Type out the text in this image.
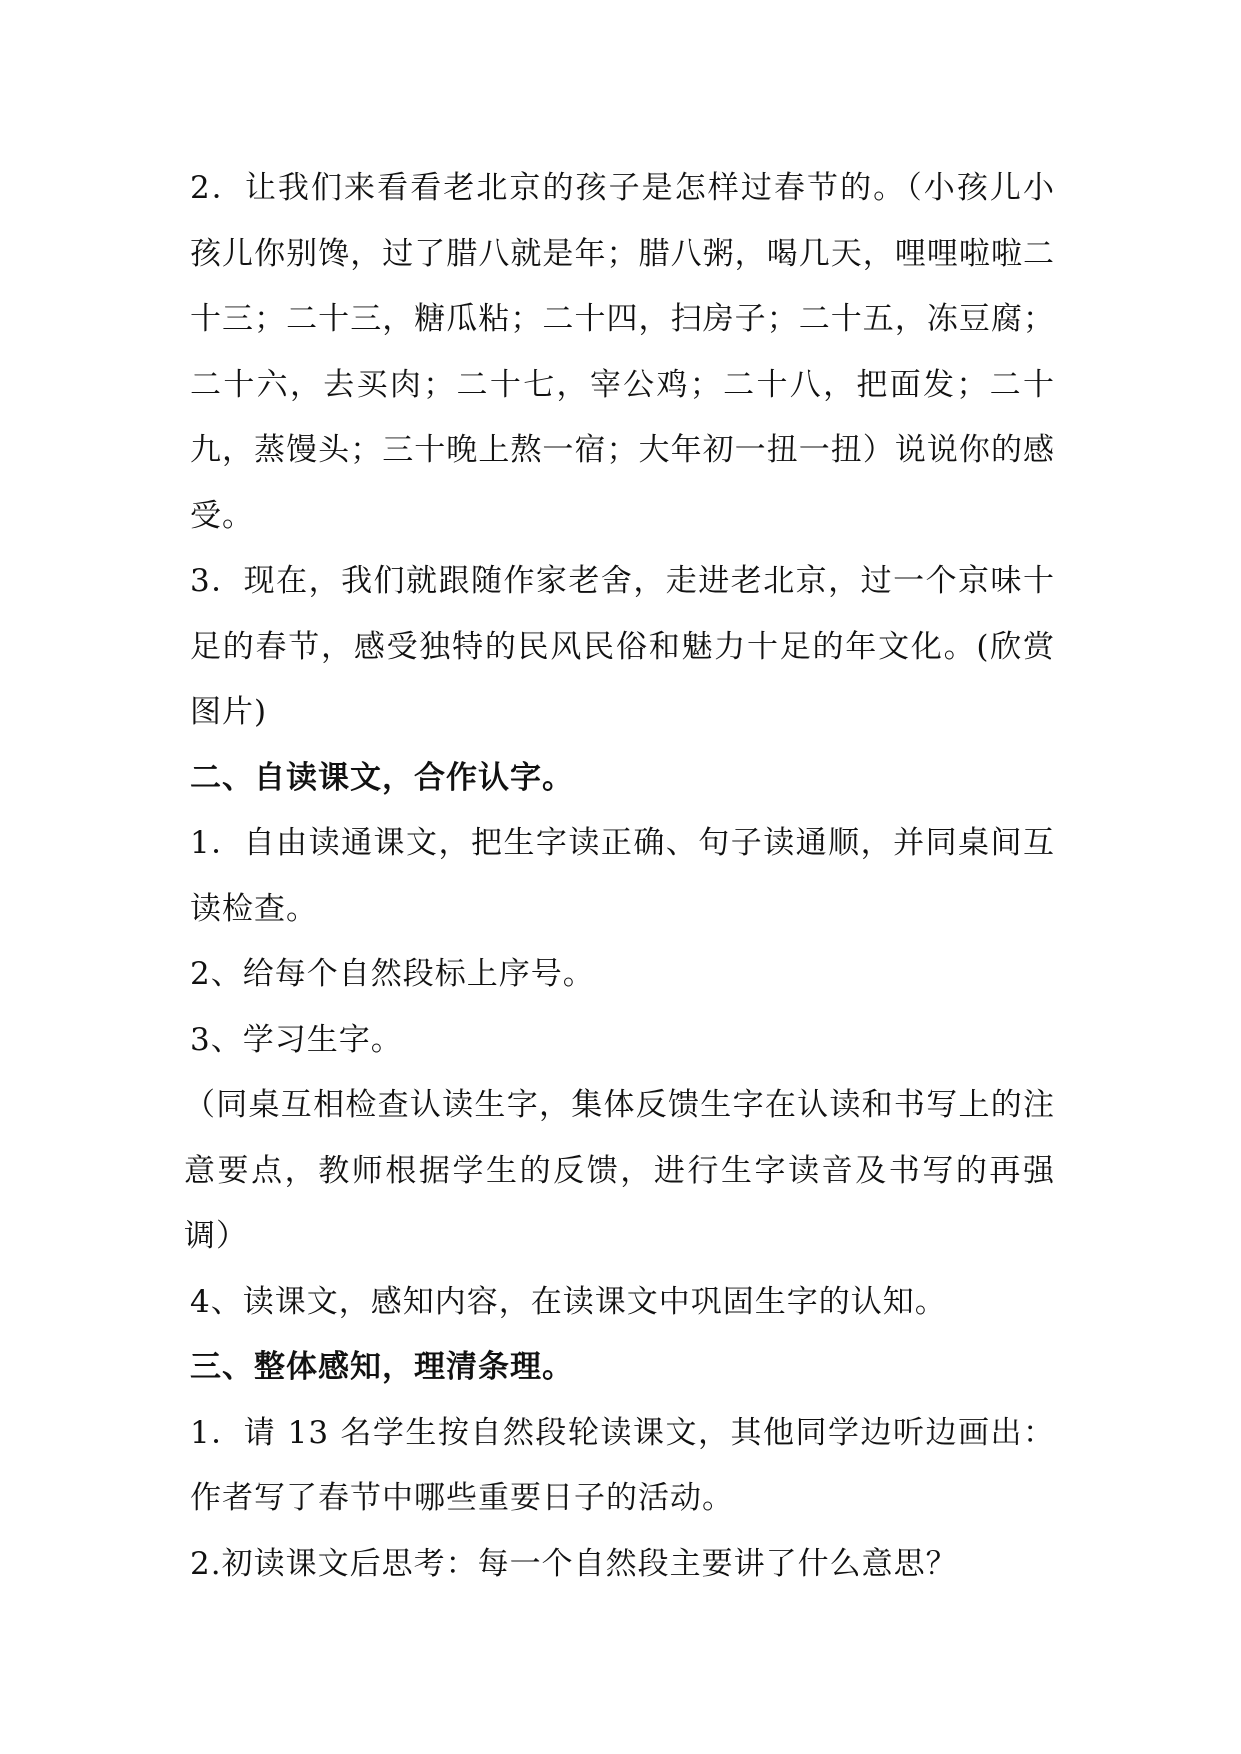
2．让我们来看看老北京的孩子是怎样过春节的。（小孩儿小孩儿你别馋，过了腊八就是年；腊八粥，喝几天，哩哩啦啦二十三；二十三，糖瓜粘；二十四，扫房子；二十五，冻豆腐；二十六，去买肉；二十七，宰公鸡；二十八，把面发；二十九，蒸馒头；三十晚上熬一宿；大年初一扭一扭）说说你的感受。

3．现在，我们就跟随作家老舍，走进老北京，过一个京味十足的春节，感受独特的民风民俗和魅力十足的年文化。(欣赏图片)

二、自读课文，合作认字。

1．自由读通课文，把生字读正确、句子读通顺，并同桌间互读检查。

2、给每个自然段标上序号。

3、学习生字。

（同桌互相检查认读生字，集体反馈生字在认读和书写上的注意要点，教师根据学生的反馈，进行生字读音及书写的再强调）

4、读课文，感知内容，在读课文中巩固生字的认知。

三、整体感知，理清条理。

1．请 13 名学生按自然段轮读课文，其他同学边听边画出：作者写了春节中哪些重要日子的活动。

2.初读课文后思考：每一个自然段主要讲了什么意思？
